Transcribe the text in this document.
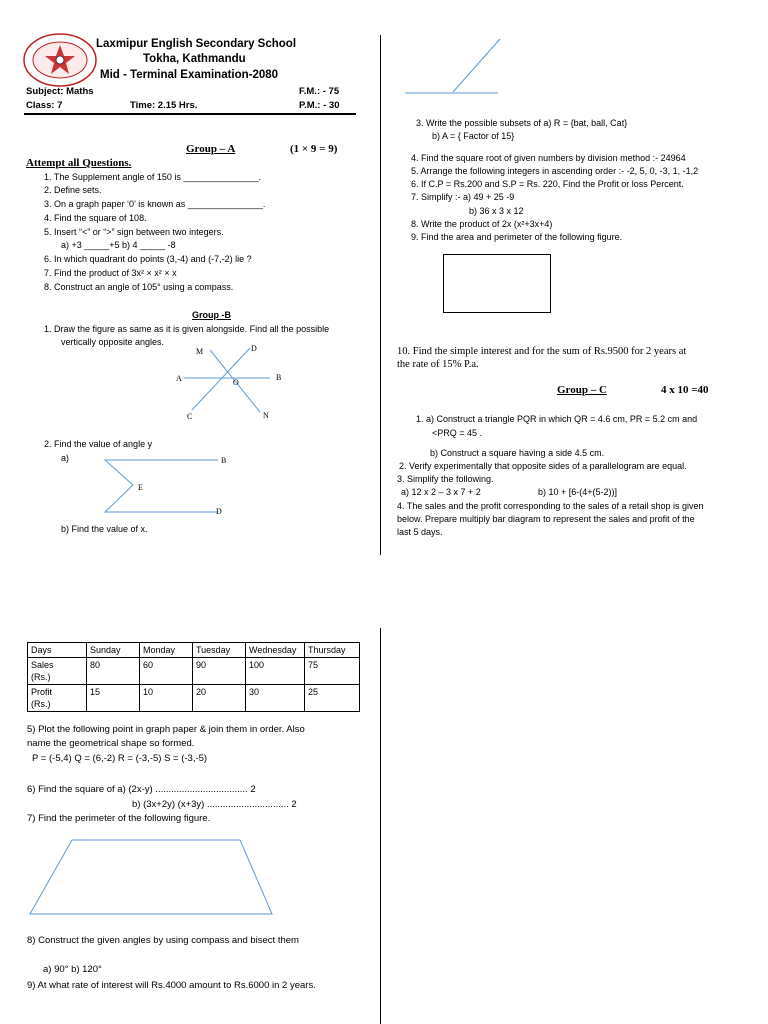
Laxmipur English Secondary School
Tokha, Kathmandu
Mid - Terminal Examination-2080
Subject: Maths	F.M.: - 75
Class: 7	Time: 2.15 Hrs.	P.M.: - 30
Group – A	(1 × 9 = 9)
Attempt all Questions.
1. The Supplement angle of 150 is _______________.
2. Define sets.
3. On a graph paper ‘0’ is known as _______________.
4. Find the square of 108.
5. Insert “<” or “>” sign between two integers.
a) +3 _____+5 b) 4 _____ -8
6. In which quadrant do points (3,-4) and (-7,-2) lie ?
7. Find the product of 3x² × x² × x
8. Construct an angle of 105° using a compass.
Group -B
1. Draw the figure as same as it is given alongside. Find all the possible
vertically opposite angles.
M	D
A	O
B
C	N
2. Find the value of angle y
a)	B
E
D
b) Find the value of x.
3. Write the possible subsets of a) R = {bat, ball, Cat}
b) A = { Factor of 15}
4. Find the square root of given numbers by division method :- 24964
5. Arrange the following integers in ascending order :- -2, 5, 0, -3, 1, -1,2
6. If C.P = Rs.200 and S.P = Rs. 220, Find the Profit or loss Percent.
7. Simplify :- a) 49 + 25 -9
b) 36 x 3 x 12
8. Write the product of 2x (x²+3x+4)
9. Find the area and perimeter of the following figure.
10. Find the simple interest and for the sum of Rs.9500 for 2 years at
the rate of 15% P.a.
Group – C	4 x 10 =40
1. a) Construct a triangle PQR in which QR = 4.6 cm, PR = 5.2 cm and
<PRQ = 45 .
b) Construct a square having a side 4.5 cm.
2. Verify experimentally that opposite sides of a parallelogram are equal.
3. Simplify the following.
a) 12 x 2 – 3 x 7 + 2	b) 10 + [6-(4+(5-2))]
4. The sales and the profit corresponding to the sales of a retail shop is given
below. Prepare multiply bar diagram to represent the sales and profit of the
last 5 days.
Days	Sunday	Monday	Tuesday	Wednesday	Thursday
Sales
(Rs.)	80	60	90	100	75
Profit
(Rs.)	15	10	20	30	25
5) Plot the following point in graph paper & join them in order. Also
name the geometrical shape so formed.
P = (-5,4) Q = (6,-2) R = (-3,-5) S = (-3,-5)
6) Find the square of a) (2x-y) ................................... 2
b) (3x+2y) (x+3y) ............................... 2
7) Find the perimeter of the following figure.
8) Construct the given angles by using compass and bisect them
a) 90° b) 120°
9) At what rate of interest will Rs.4000 amount to Rs.6000 in 2 years.
